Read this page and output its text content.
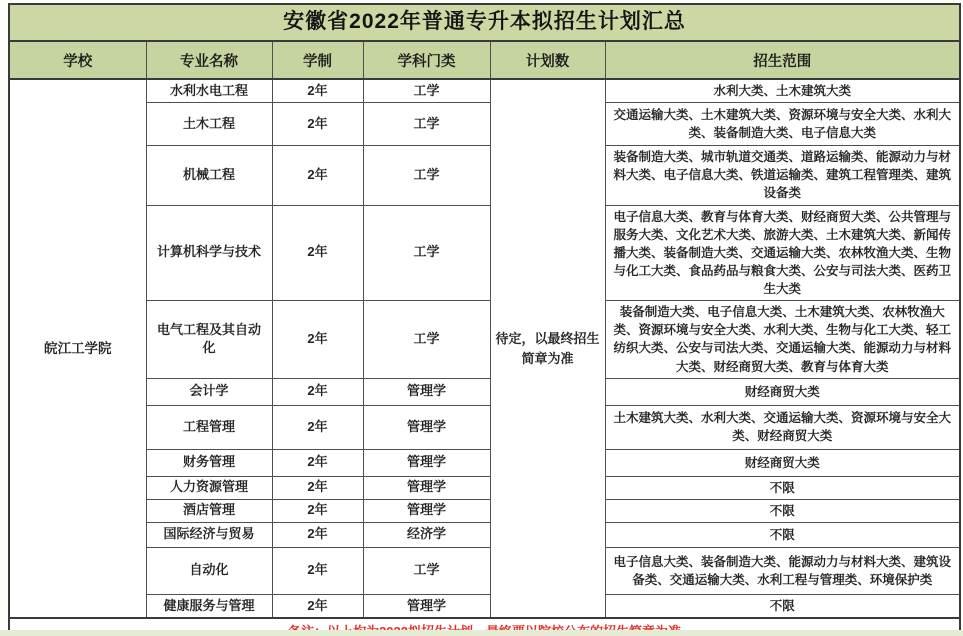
安徽省2022年普通专升本拟招生计划汇总					
学校	专业名称	学制	学科门类	计划数	招生范围
皖江工学院	水利水电工程	2年	工学	待定，以最终招生简章为准	水利大类、土木建筑大类
	土木工程	2年	工学		交通运输大类、土木建筑大类、资源环境与安全大类、水利大类、装备制造大类、电子信息大类
	机械工程	2年	工学		装备制造大类、城市轨道交通类、道路运输类、能源动力与材料大类、电子信息大类、铁道运输类、建筑工程管理类、建筑设备类
	计算机科学与技术	2年	工学		电子信息大类、教育与体育大类、财经商贸大类、公共管理与服务大类、文化艺术大类、旅游大类、土木建筑大类、新闻传播大类、装备制造大类、交通运输大类、农林牧渔大类、生物与化工大类、食品药品与粮食大类、公安与司法大类、医药卫生大类
	电气工程及其自动化	2年	工学		装备制造大类、电子信息大类、土木建筑大类、农林牧渔大类、资源环境与安全大类、水利大类、生物与化工大类、轻工纺织大类、公安与司法大类、交通运输大类、能源动力与材料大类、财经商贸大类、教育与体育大类
	会计学	2年	管理学		财经商贸大类
	工程管理	2年	管理学		土木建筑大类、水利大类、交通运输大类、资源环境与安全大类、财经商贸大类
	财务管理	2年	管理学		财经商贸大类
	人力资源管理	2年	管理学		不限
	酒店管理	2年	管理学		不限
	国际经济与贸易	2年	经济学		不限
	自动化	2年	工学		电子信息大类、装备制造大类、能源动力与材料大类、建筑设备类、交通运输大类、水利工程与管理类、环境保护类
	健康服务与管理	2年	管理学		不限
